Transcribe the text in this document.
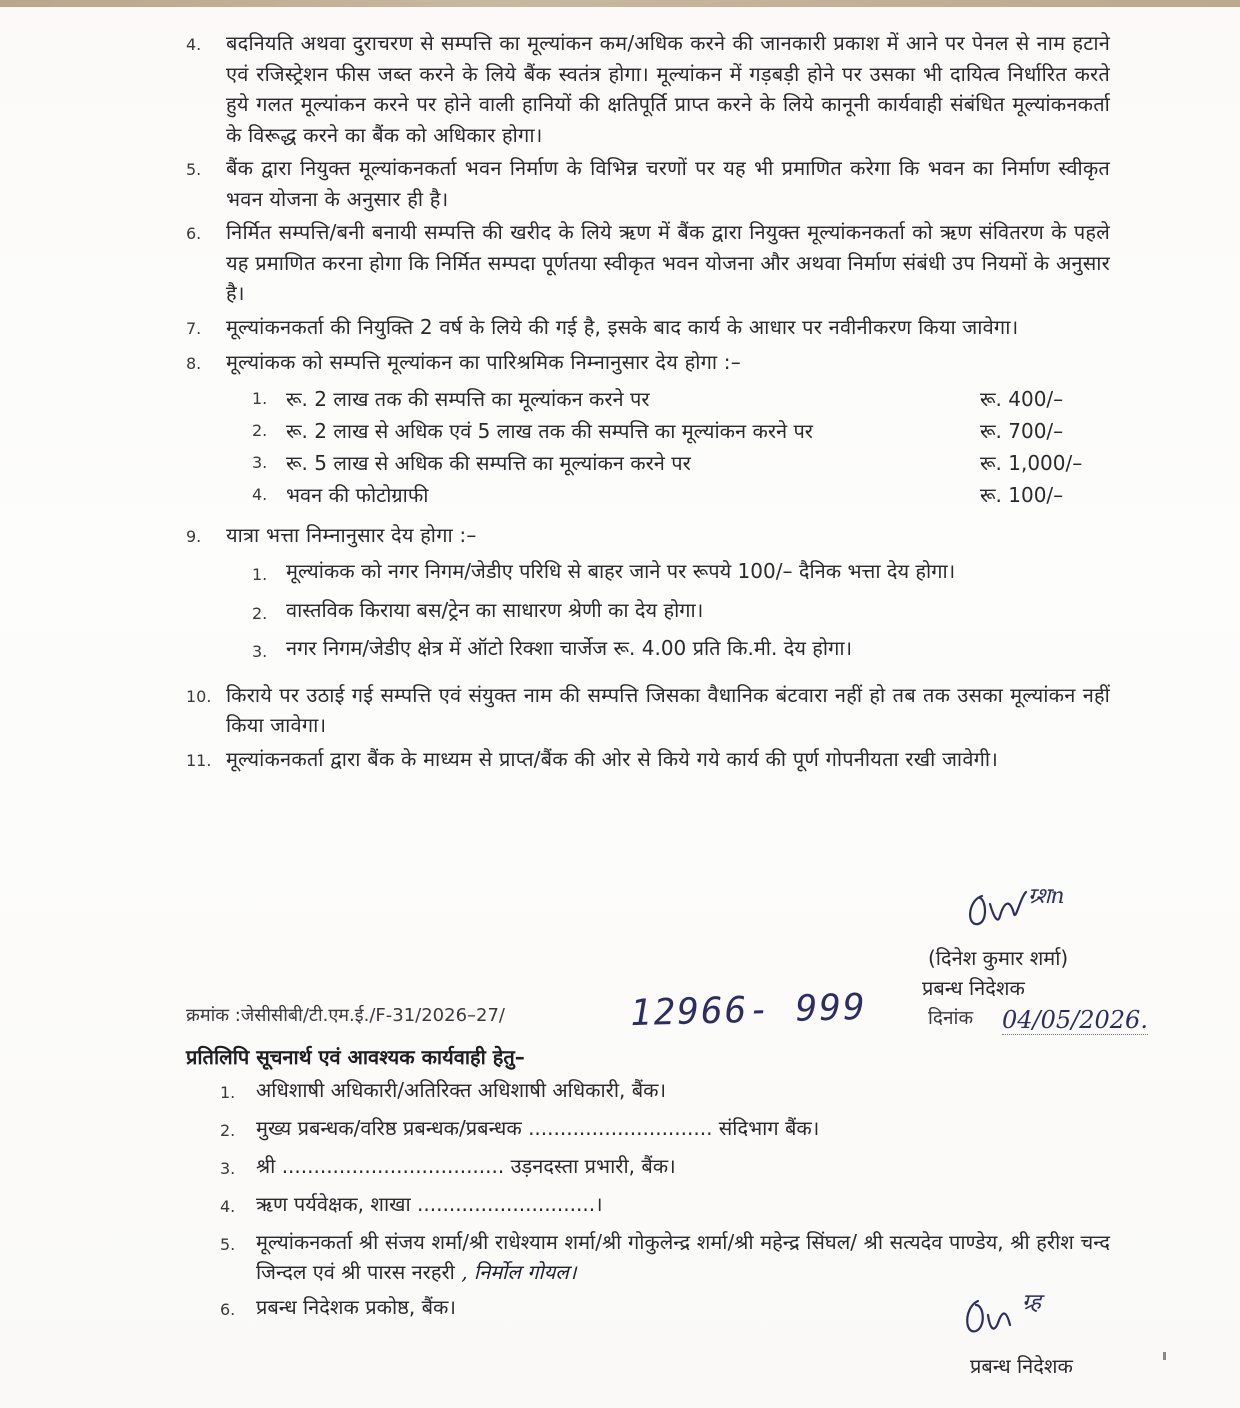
4.	बदनियति अथवा दुराचरण से सम्पत्ति का मूल्यांकन कम/अधिक करने की जानकारी प्रकाश में आने पर पेनल से नाम हटाने एवं रजिस्ट्रेशन फीस जब्त करने के लिये बैंक स्वतंत्र होगा। मूल्यांकन में गड़बड़ी होने पर उसका भी दायित्व निर्धारित करते हुये गलत मूल्यांकन करने पर होने वाली हानियों की क्षतिपूर्ति प्राप्त करने के लिये कानूनी कार्यवाही संबंधित मूल्यांकनकर्ता के विरूद्ध करने का बैंक को अधिकार होगा।
5.	बैंक द्वारा नियुक्त मूल्यांकनकर्ता भवन निर्माण के विभिन्न चरणों पर यह भी प्रमाणित करेगा कि भवन का निर्माण स्वीकृत भवन योजना के अनुसार ही है।
6.	निर्मित सम्पत्ति/बनी बनायी सम्पत्ति की खरीद के लिये ऋण में बैंक द्वारा नियुक्त मूल्यांकनकर्ता को ऋण संवितरण के पहले यह प्रमाणित करना होगा कि निर्मित सम्पदा पूर्णतया स्वीकृत भवन योजना और अथवा निर्माण संबंधी उप नियमों के अनुसार है।
7.	मूल्यांकनकर्ता की नियुक्ति 2 वर्ष के लिये की गई है, इसके बाद कार्य के आधार पर नवीनीकरण किया जावेगा।
8.	मूल्यांकक को सम्पत्ति मूल्यांकन का पारिश्रमिक निम्नानुसार देय होगा :–
1. रू. 2 लाख तक की सम्पत्ति का मूल्यांकन करने पर	रू. 400/–
2. रू. 2 लाख से अधिक एवं 5 लाख तक की सम्पत्ति का मूल्यांकन करने पर	रू. 700/–
3. रू. 5 लाख से अधिक की सम्पत्ति का मूल्यांकन करने पर	रू. 1,000/–
4. भवन की फोटोग्राफी	रू. 100/–
9.	यात्रा भत्ता निम्नानुसार देय होगा :–
1. मूल्यांकक को नगर निगम/जेडीए परिधि से बाहर जाने पर रूपये 100/– दैनिक भत्ता देय होगा।
2. वास्तविक किराया बस/ट्रेन का साधारण श्रेणी का देय होगा।
3. नगर निगम/जेडीए क्षेत्र में ऑटो रिक्शा चार्जेज रू. 4.00 प्रति कि.मी. देय होगा।
10. किराये पर उठाई गई सम्पत्ति एवं संयुक्त नाम की सम्पत्ति जिसका वैधानिक बंटवारा नहीं हो तब तक उसका मूल्यांकन नहीं किया जावेगा।
11. मूल्यांकनकर्ता द्वारा बैंक के माध्यम से प्राप्त/बैंक की ओर से किये गये कार्य की पूर्ण गोपनीयता रखी जावेगी।
ग्र्शn
(दिनेश कुमार शर्मा)
प्रबन्ध निदेशक
क्रमांक :जेसीसीबी/टी.एम.ई./F-31/2026–27/	12966- 999	दिनांक 04/05/2026.
प्रतिलिपि सूचनार्थ एवं आवश्यक कार्यवाही हेतु–
1.	अधिशाषी अधिकारी/अतिरिक्त अधिशाषी अधिकारी, बैंक।
2.	मुख्य प्रबन्धक/वरिष्ठ प्रबन्धक/प्रबन्धक ............................. संदिभाग बैंक।
3.	श्री ................................... उड़नदस्ता प्रभारी, बैंक।
4.	ऋण पर्यवेक्षक, शाखा ............................।
5.	मूल्यांकनकर्ता श्री संजय शर्मा/श्री राधेश्याम शर्मा/श्री गोकुलेन्द्र शर्मा/श्री महेन्द्र सिंघल/ श्री सत्यदेव पाण्डेय, श्री हरीश चन्द जिन्दल एवं श्री पारस नरहरी , निर्मोल गोयल।
6.	प्रबन्ध निदेशक प्रकोष्ठ, बैंक।	ग्र्ह
प्रबन्ध निदेशक
